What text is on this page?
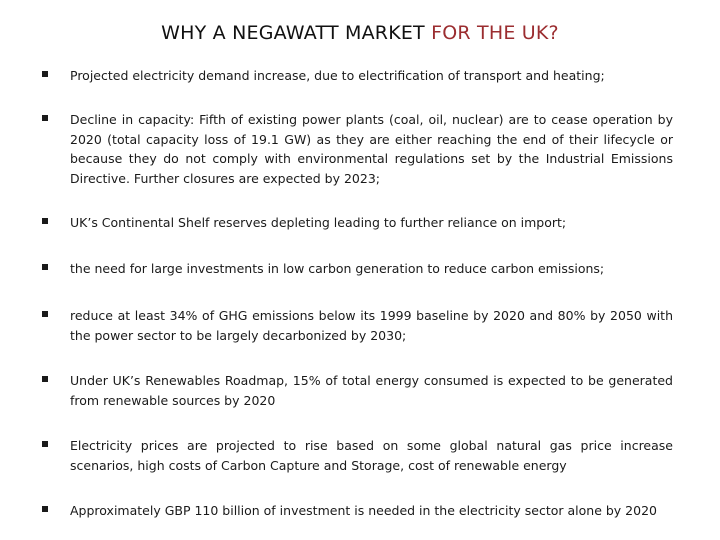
WHY A NEGAWATT MARKET FOR THE UK?
Projected electricity demand increase, due to electrification of transport and heating;
Decline in capacity: Fifth of existing power plants (coal, oil, nuclear) are to cease operation by 2020 (total capacity loss of 19.1 GW) as they are either reaching the end of their lifecycle or because they do not comply with environmental regulations set by the Industrial Emissions Directive. Further closures are expected by 2023;
UK’s Continental Shelf reserves depleting leading to further reliance on import;
the need for large investments in low carbon generation to reduce carbon emissions;
reduce at least 34% of GHG emissions below its 1999 baseline by 2020 and 80% by 2050 with the power sector to be largely decarbonized by 2030;
Under UK’s Renewables Roadmap, 15% of total energy consumed is expected to be generated from renewable sources by 2020
Electricity prices are projected to rise based on some global natural gas price increase scenarios, high costs of Carbon Capture and Storage, cost of renewable energy
Approximately GBP 110 billion of investment is needed in the electricity sector alone by 2020
